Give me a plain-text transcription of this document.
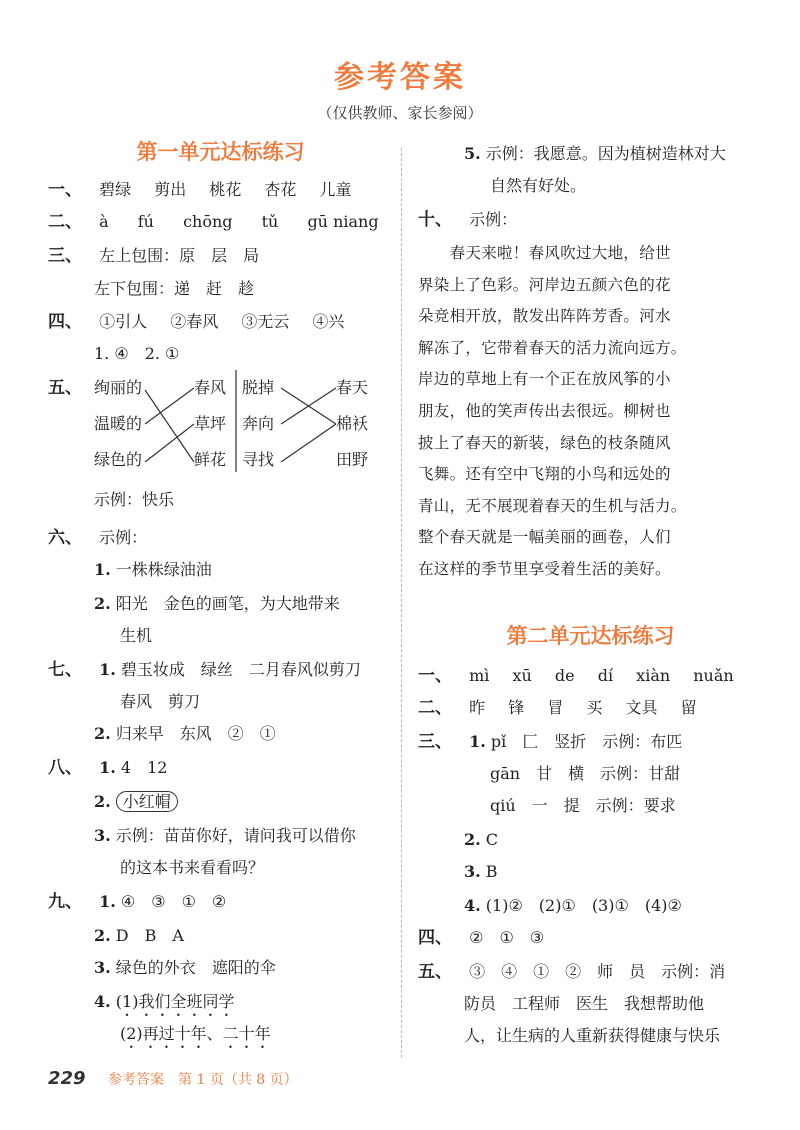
参考答案
（仅供教师、家长参阅）
第一单元达标练习
一、 碧绿 剪出 桃花 杏花 儿童
二、 à fú chōng tǔ gū niang
三、 左上包围：原　层　局
左下包围：递　赶　趁
四、 ①引人 ②春风 ③无云 ④兴
1. ④　2. ①
五、 绚丽的
温暖的
绿色的
春风
草坪
鲜花
脱掉
奔向
寻找
春天
棉袄
田野
示例：快乐
六、 示例：
1. 一株株绿油油
2. 阳光　金色的画笔，为大地带来
生机
七、 1. 碧玉妆成　绿丝　二月春风似剪刀
春风　剪刀
2. 归来早　东风　②　①
八、 1. 4　12
2. 小红帽
3. 示例：苗苗你好，请问我可以借你
的这本书来看看吗？
九、 1. ④　③　①　②
2. D　B　A
3. 绿色的外衣　遮阳的伞
4. (1)我们全班同学
(2)再过十年、二十年
5. 示例：我愿意。因为植树造林对大
自然有好处。
十、 示例：
　　春天来啦！春风吹过大地，给世
界染上了色彩。河岸边五颜六色的花
朵竞相开放，散发出阵阵芳香。河水
解冻了，它带着春天的活力流向远方。
岸边的草地上有一个正在放风筝的小
朋友，他的笑声传出去很远。柳树也
披上了春天的新装，绿色的枝条随风
飞舞。还有空中飞翔的小鸟和远处的
青山，无不展现着春天的生机与活力。
整个春天就是一幅美丽的画卷，人们
在这样的季节里享受着生活的美好。
第二单元达标练习
一、 mì xū de dí xiàn nuǎn
二、 昨 锋 冒 买 文具 留
三、 1. pǐ　匚　竖折　示例：布匹
gān　甘　横　示例：甘甜
qiú　一　提　示例：要求
2. C
3. B
4. (1)②　(2)①　(3)①　(4)②
四、 ②　①　③
五、 ③　④　①　②　师　员　示例：消
防员　工程师　医生　我想帮助他
人，让生病的人重新获得健康与快乐
229 参考答案　第 1 页（共 8 页）
